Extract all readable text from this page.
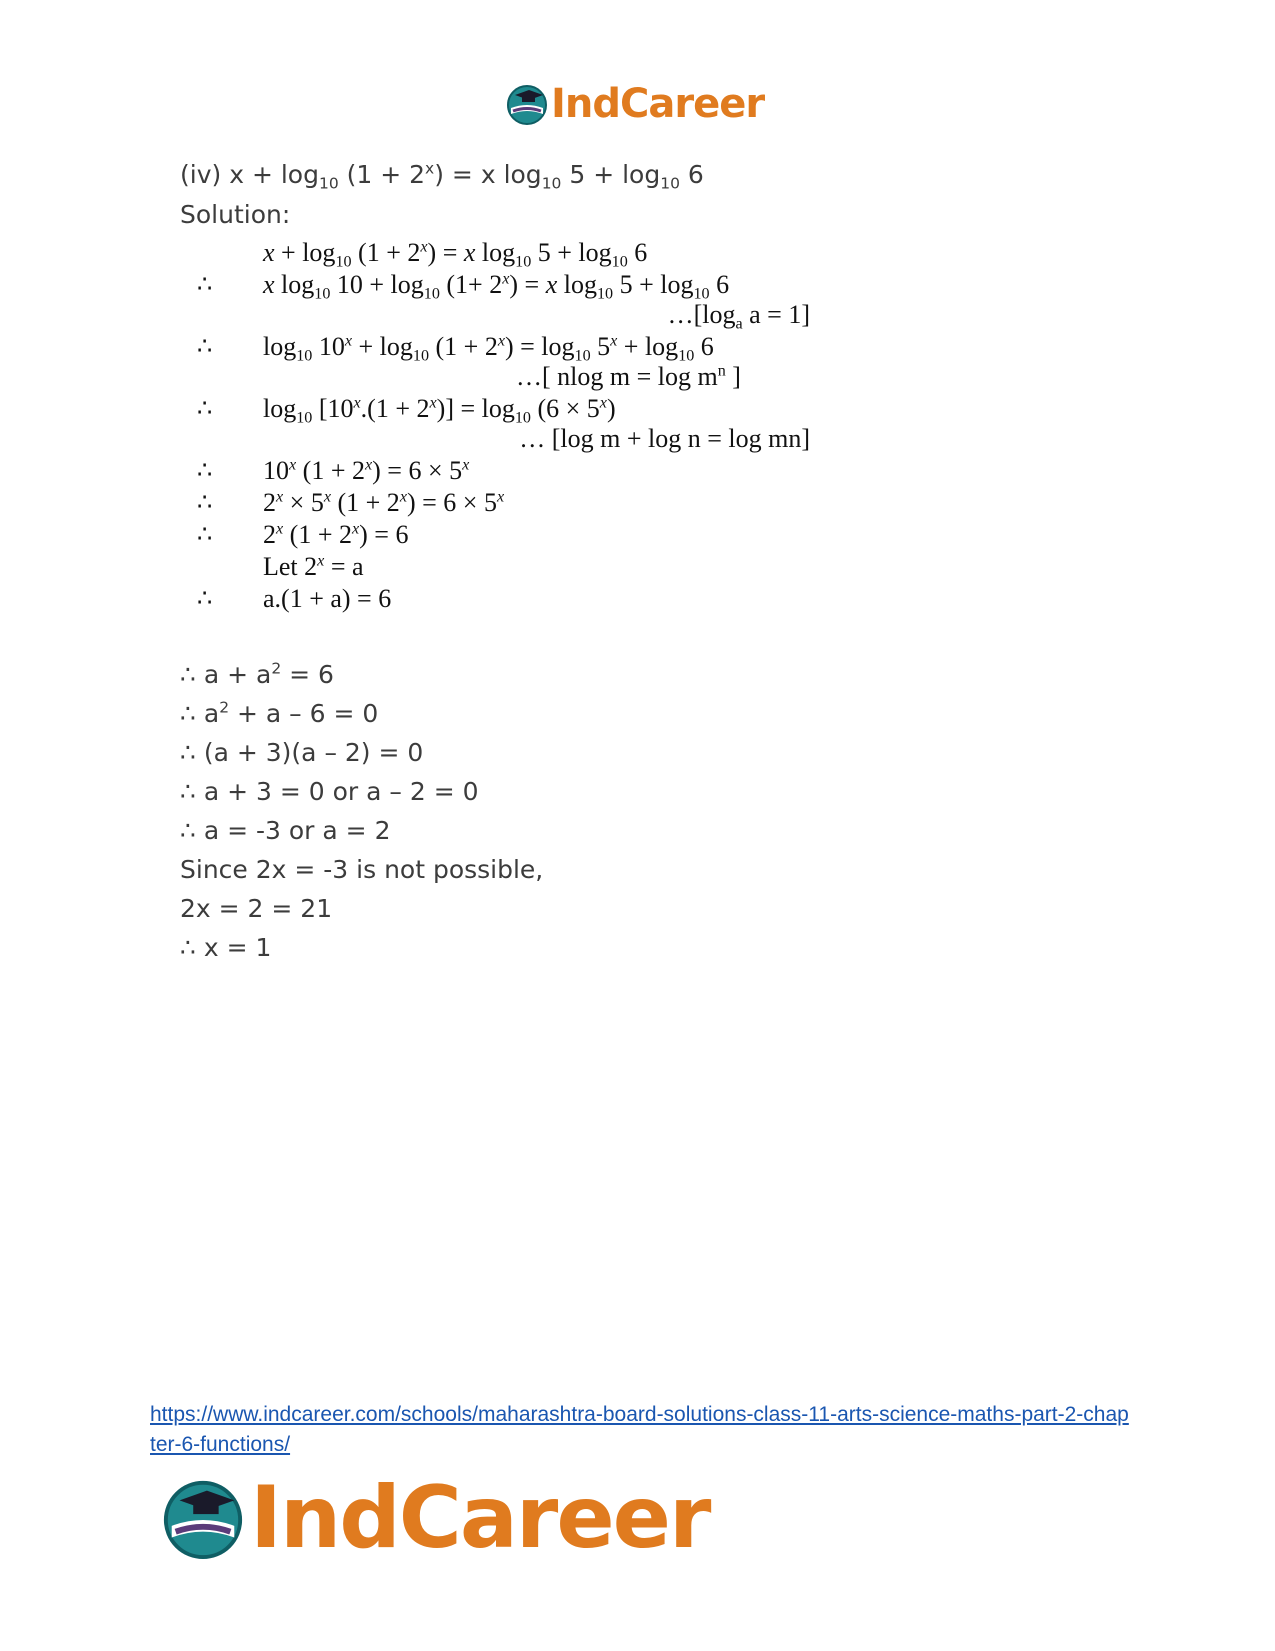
IndCareer
(iv) $x + \log_{10} (1 + 2^x) = x$ $\log_{10} 5 + \log_{10} 6$
Solution:
$x + \log_{10} (1 + 2^x) = x$ $\log_{10} 5 + \log_{10} 6$
∴ x $\log_{10} 10 + \log_{10} (1+ 2^x) = x$ $\log_{10} 5 + \log_{10} 6$
$\dots[\log_a$ a = 1]
∴ $\log_{10} 10^x + \log_{10} (1 + 2^x) = \log_{10} 5^x + \log_{10} 6$
…[ nlog $m = \log m^n$ ]
∴ $\log_{10} [10^x.(1 + 2^x)] = \log_{10} (6 \times 5^x)$
… [log m + log n = log mn]
∴ 10$^x$ $(1 + 2^x) = 6 \times 5^x$
∴ $2^x \times 5^x$ $(1 + 2^x) = 6 \times 5^x$
∴ 2$^x$ $(1 + 2^x) = 6$
Let $2^x = a$
∴ a.(1 + a) = 6
∴ $a + a^2 = 6$
∴ $a^2 + a - 6 = 0$
∴ (a + 3)(a – 2) = 0
∴ a + 3 = 0 or a – 2 = 0
∴ a = -3 or a = 2
Since 2x = -3 is not possible,
2x = 2 = 21
∴ x = 1
https://www.indcareer.com/schools/maharashtra-board-solutions-class-11-arts-science-maths-part-2-chapter-6-functions/
IndCareer
